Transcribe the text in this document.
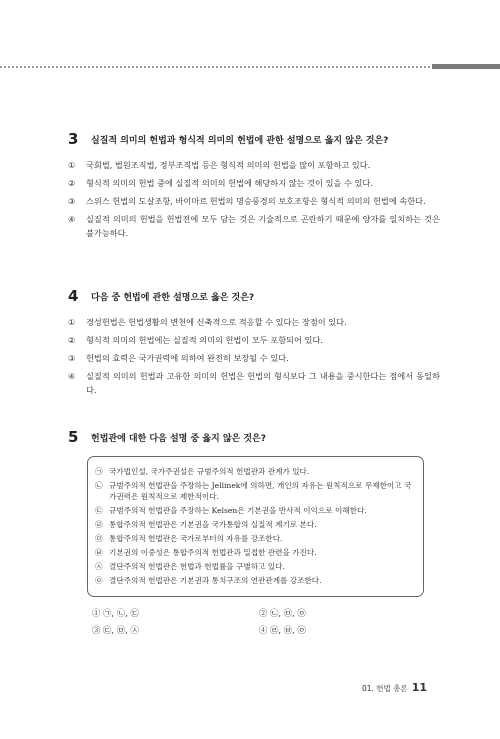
3 실질적 의미의 헌법과 형식적 의미의 헌법에 관한 설명으로 옳지 않은 것은?
①	국회법, 법원조직법, 정부조직법 등은 형식적 의미의 헌법을 많이 포함하고 있다.
②	형식적 의미의 헌법 중에 실질적 의미의 헌법에 해당하지 않는 것이 있을 수 있다.
③	스위스 헌법의 도살조항, 바이마르 헌법의 명승풍경의 보호조항은 형식적 의미의 헌법에 속한다.
④	실질적 의미의 헌법을 헌법전에 모두 담는 것은 기술적으로 곤란하기 때문에 양자를 일치하는 것은 불가능하다.
4 다음 중 헌법에 관한 설명으로 옳은 것은?
①	경성헌법은 헌법생활의 변천에 신축적으로 적응할 수 있다는 장점이 있다.
②	형식적 의미의 헌법에는 실질적 의미의 헌법이 모두 포함되어 있다.
③	헌법의 효력은 국가권력에 의하여 완전히 보장될 수 있다.
④	실질적 의미의 헌법과 고유한 의미의 헌법은 헌법의 형식보다 그 내용을 중시한다는 점에서 동일하다.
5 헌법관에 대한 다음 설명 중 옳지 않은 것은?
㉠ 국가법인설, 국가주권설은 규범주의적 헌법관과 관계가 있다.
㉡ 규범주의적 헌법관을 주장하는 Jellinek에 의하면, 개인의 자유는 원칙적으로 무제한이고 국가권력은 원칙적으로 제한적이다.
㉢ 규범주의적 헌법관을 주장하는 Kelsen은 기본권을 반사적 이익으로 이해한다.
㉣ 통합주의적 헌법관은 기본권을 국가통합의 실질적 계기로 본다.
㉤ 통합주의적 헌법관은 국가로부터의 자유를 강조한다.
㉥ 기본권의 이중성은 통합주의적 헌법관과 밀접한 관련을 가진다.
㉦ 결단주의적 헌법관은 헌법과 헌법률을 구별하고 있다.
㉧ 결단주의적 헌법관은 기본권과 통치구조의 연관관계를 강조한다.
① ㉠, ㉡, ㉢	② ㉡, ㉤, ㉧
③ ㉢, ㉤, ㉦	④ ㉣, ㉥, ㉧
01. 헌법 총론 11
